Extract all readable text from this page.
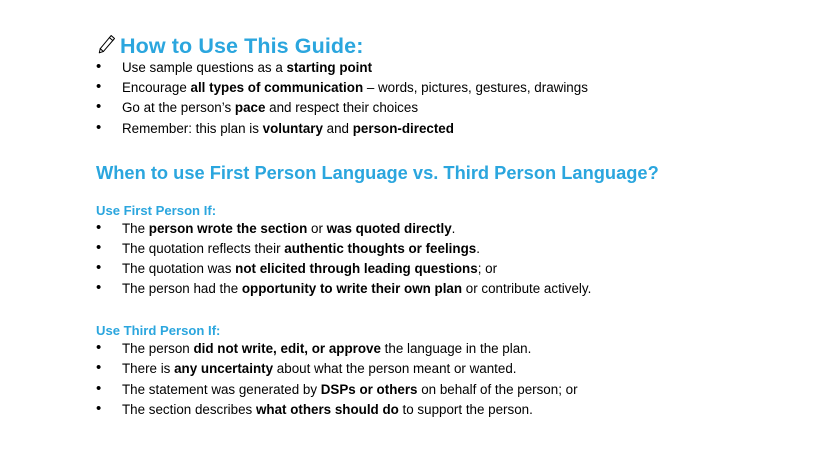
How to Use This Guide:
• Use sample questions as a starting point
• Encourage all types of communication – words, pictures, gestures, drawings
• Go at the person’s pace and respect their choices
• Remember: this plan is voluntary and person-directed
When to use First Person Language vs. Third Person Language?
Use First Person If:
• The person wrote the section or was quoted directly.
• The quotation reflects their authentic thoughts or feelings.
• The quotation was not elicited through leading questions; or
• The person had the opportunity to write their own plan or contribute actively.
Use Third Person If:
• The person did not write, edit, or approve the language in the plan.
• There is any uncertainty about what the person meant or wanted.
• The statement was generated by DSPs or others on behalf of the person; or
• The section describes what others should do to support the person.
